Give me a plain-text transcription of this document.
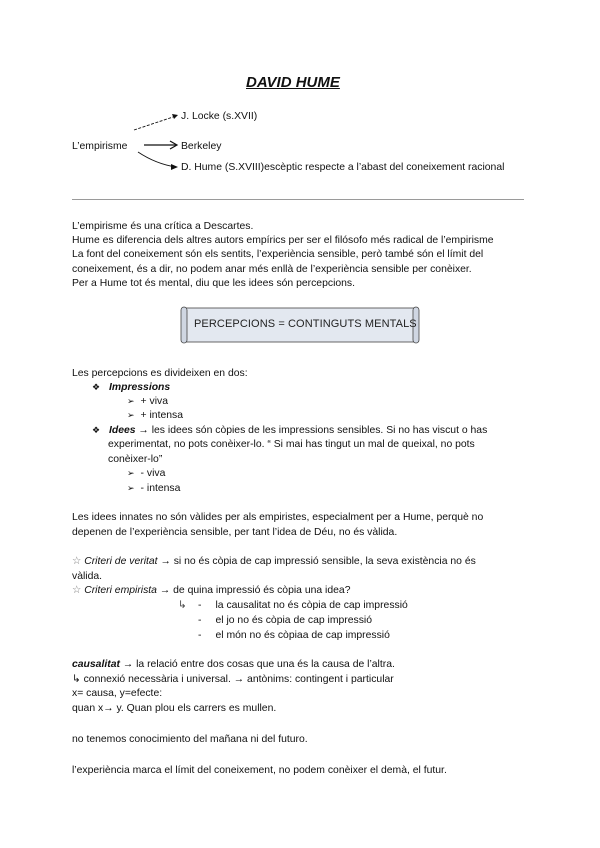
DAVID HUME
L’empirisme
J. Locke (s.XVII)
Berkeley
D. Hume (S.XVIII)escèptic respecte a l’abast del coneixement racional
L’empirisme és una crítica a Descartes.
Hume es diferencia dels altres autors empírics per ser el filósofo més radical de l’empirisme
La font del coneixement són els sentits, l’experiència sensible, però també són el límit del
coneixement, és a dir, no podem anar més enllà de l’experiència sensible per conèixer.
Per a Hume tot és mental, diu que les idees són percepcions.
PERCEPCIONS = CONTINGUTS MENTALS
Les percepcions es divideixen en dos:
❖ Impressions
➢ + viva
➢ + intensa
❖ Idees → les idees són còpies de les impressions sensibles. Si no has viscut o has
experimentat, no pots conèixer-lo. “ Si mai has tingut un mal de queixal, no pots
conèixer-lo”
➢ - viva
➢ - intensa
Les idees innates no són vàlides per als empiristes, especialment per a Hume, perquè no
depenen de l’experiència sensible, per tant l’idea de Déu, no és vàlida.
☆ Criteri de veritat → si no és còpia de cap impressió sensible, la seva existència no és
vàlida.
☆ Criteri empirista → de quina impressió és còpia una idea?
↳ - la causalitat no és còpia de cap impressió
- el jo no és còpia de cap impressió
- el món no és còpiaa de cap impressió
causalitat → la relació entre dos cosas que una és la causa de l’altra.
↳ connexió necessària i universal. → antònims: contingent i particular
x= causa, y=efecte:
quan x→ y. Quan plou els carrers es mullen.
no tenemos conocimiento del mañana ni del futuro.
l’experiència marca el límit del coneixement, no podem conèixer el demà, el futur.
